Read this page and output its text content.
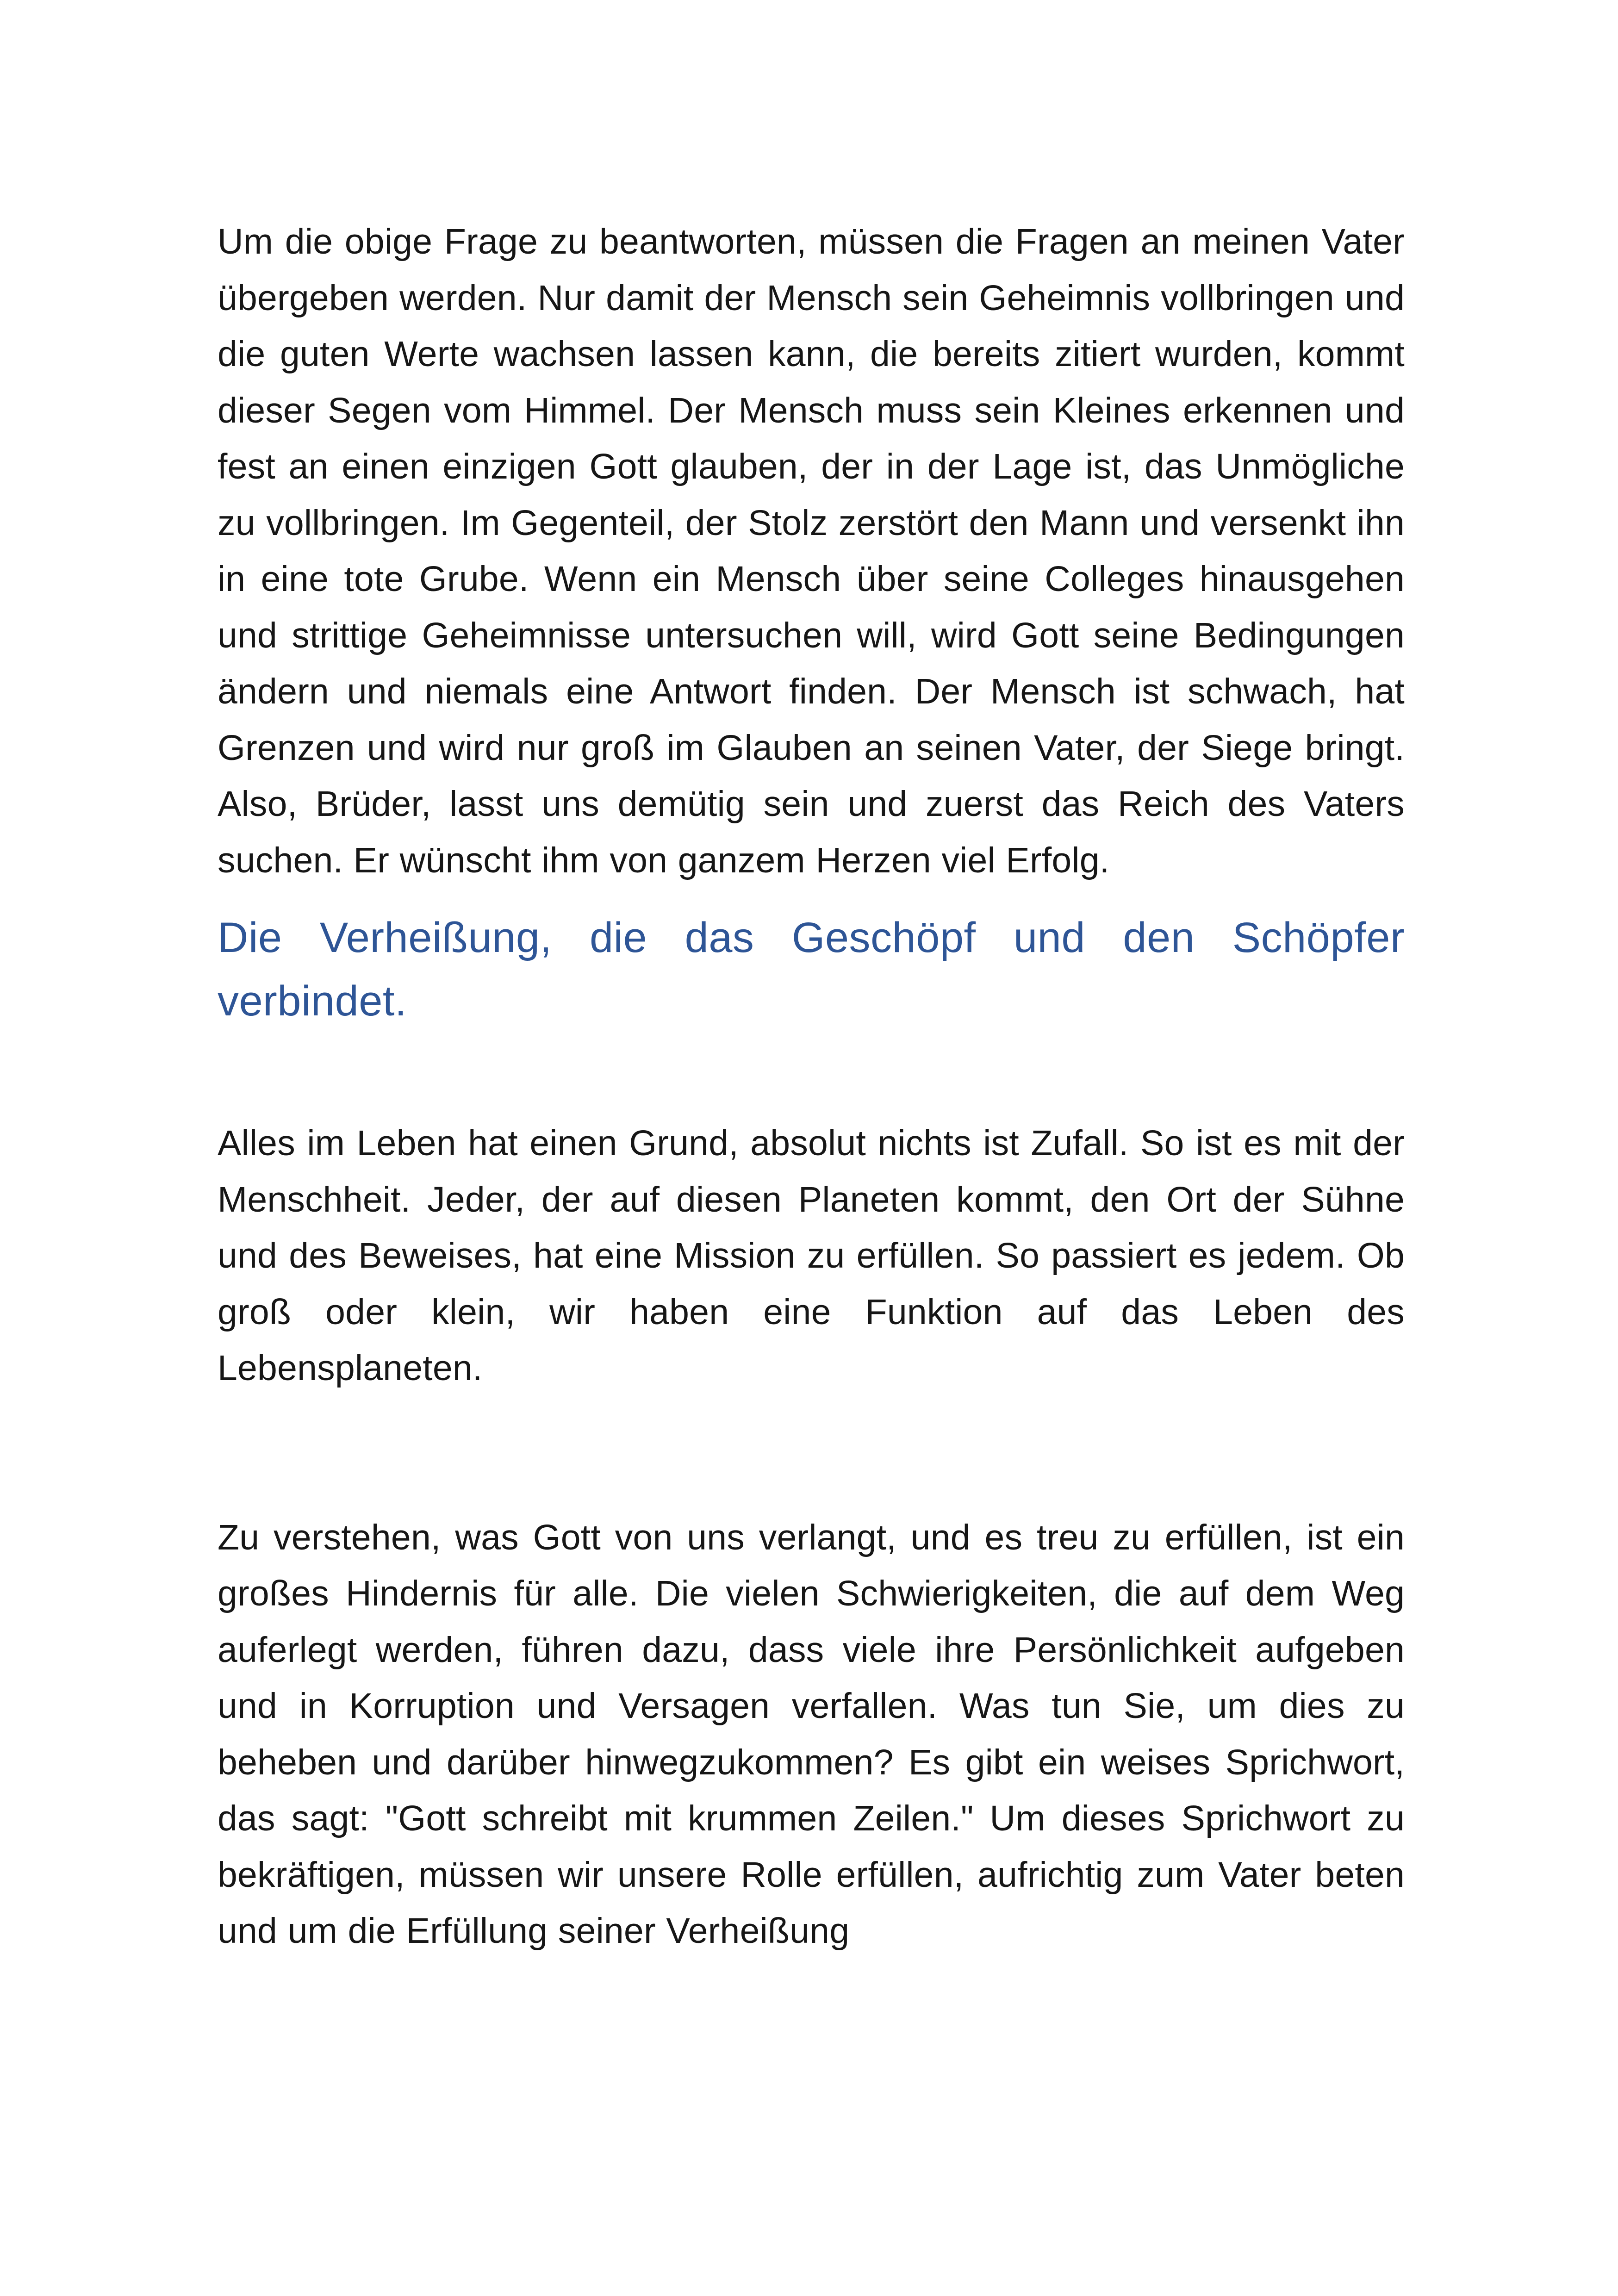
Um die obige Frage zu beantworten, müssen die Fragen an meinen Vater übergeben werden. Nur damit der Mensch sein Geheimnis vollbringen und die guten Werte wachsen lassen kann, die bereits zitiert wurden, kommt dieser Segen vom Himmel. Der Mensch muss sein Kleines erkennen und fest an einen einzigen Gott glauben, der in der Lage ist, das Unmögliche zu vollbringen. Im Gegenteil, der Stolz zerstört den Mann und versenkt ihn in eine tote Grube. Wenn ein Mensch über seine Colleges hinausgehen und strittige Geheimnisse untersuchen will, wird Gott seine Bedingungen ändern und niemals eine Antwort finden. Der Mensch ist schwach, hat Grenzen und wird nur groß im Glauben an seinen Vater, der Siege bringt. Also, Brüder, lasst uns demütig sein und zuerst das Reich des Vaters suchen. Er wünscht ihm von ganzem Herzen viel Erfolg.

Die Verheißung, die das Geschöpf und den Schöpfer verbindet.

Alles im Leben hat einen Grund, absolut nichts ist Zufall. So ist es mit der Menschheit. Jeder, der auf diesen Planeten kommt, den Ort der Sühne und des Beweises, hat eine Mission zu erfüllen. So passiert es jedem. Ob groß oder klein, wir haben eine Funktion auf das Leben des Lebensplaneten.

Zu verstehen, was Gott von uns verlangt, und es treu zu erfüllen, ist ein großes Hindernis für alle. Die vielen Schwierigkeiten, die auf dem Weg auferlegt werden, führen dazu, dass viele ihre Persönlichkeit aufgeben und in Korruption und Versagen verfallen. Was tun Sie, um dies zu beheben und darüber hinwegzukommen? Es gibt ein weises Sprichwort, das sagt: "Gott schreibt mit krummen Zeilen." Um dieses Sprichwort zu bekräftigen, müssen wir unsere Rolle erfüllen, aufrichtig zum Vater beten und um die Erfüllung seiner Verheißung
